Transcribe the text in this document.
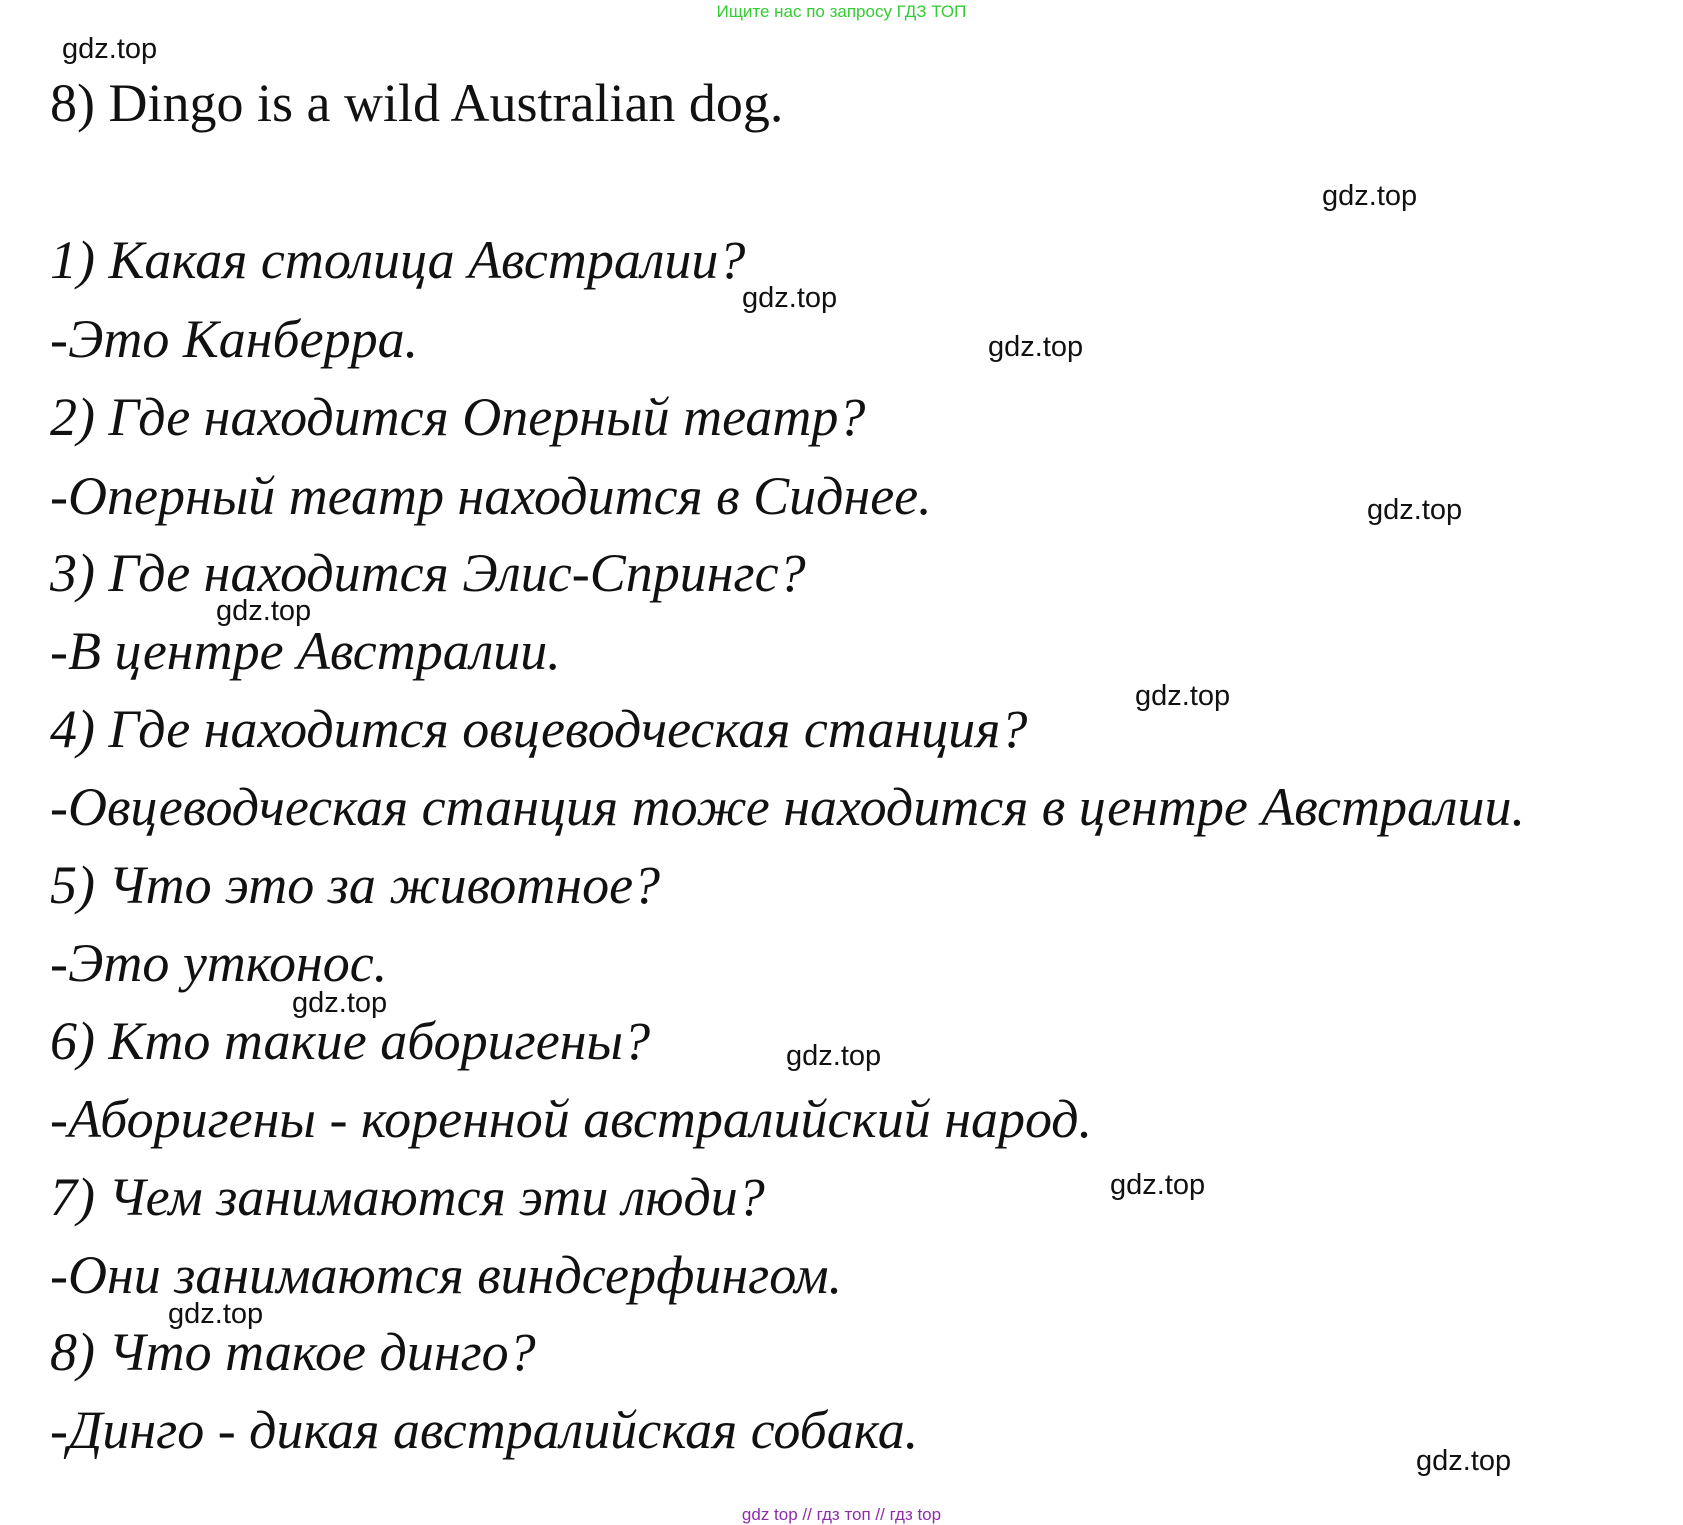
Ищите нас по запросу ГДЗ ТОП
gdz.top
gdz.top
gdz.top
gdz.top
gdz.top
gdz.top
gdz.top
gdz.top
gdz.top
gdz.top
gdz.top
gdz.top
8) Dingo is a wild Australian dog.
1) Какая столица Австралии?
-Это Канберра.
2) Где находится Оперный театр?
-Оперный театр находится в Сиднее.
3) Где находится Элис-Спрингс?
-В центре Австралии.
4) Где находится овцеводческая станция?
-Овцеводческая станция тоже находится в центре Австралии.
5) Что это за животное?
-Это утконос.
6) Кто такие аборигены?
-Аборигены - коренной австралийский народ.
7) Чем занимаются эти люди?
-Они занимаются виндсерфингом.
8) Что такое динго?
-Динго - дикая австралийская собака.
gdz top // гдз топ // гдз top
